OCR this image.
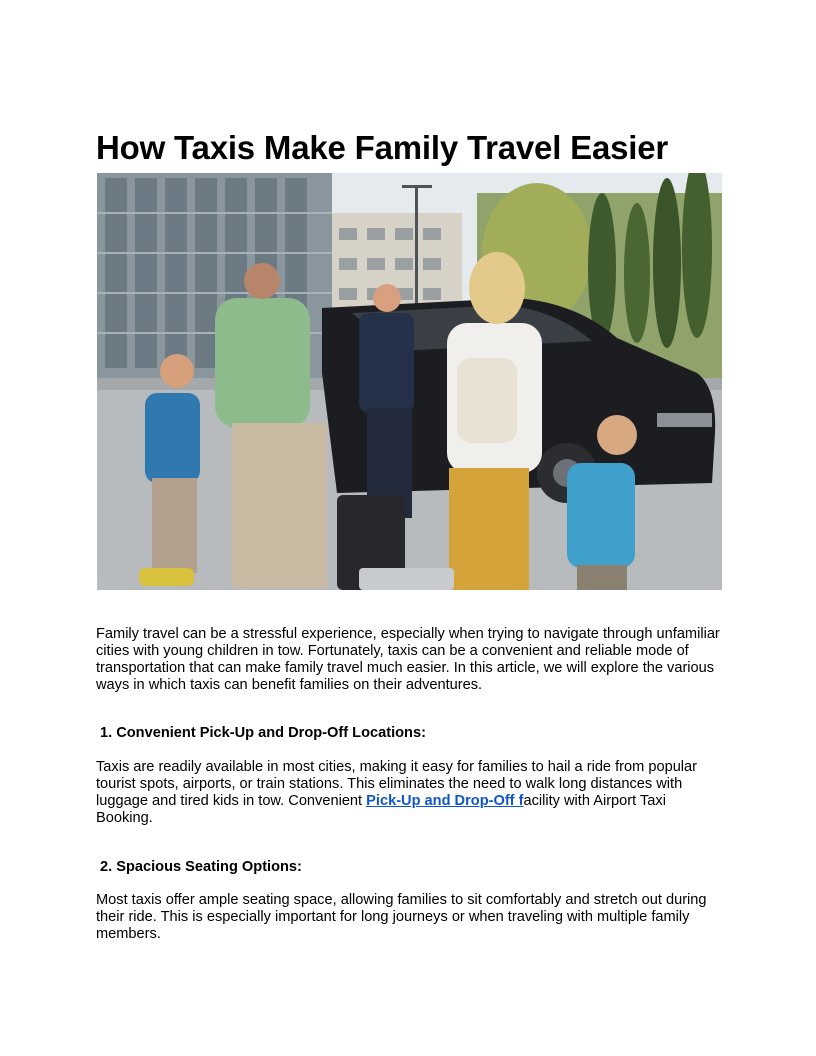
How Taxis Make Family Travel Easier

Family travel can be a stressful experience, especially when trying to navigate through unfamiliar cities with young children in tow. Fortunately, taxis can be a convenient and reliable mode of transportation that can make family travel much easier. In this article, we will explore the various ways in which taxis can benefit families on their adventures.

1. Convenient Pick-Up and Drop-Off Locations:

Taxis are readily available in most cities, making it easy for families to hail a ride from popular tourist spots, airports, or train stations. This eliminates the need to walk long distances with luggage and tired kids in tow. Convenient Pick-Up and Drop-Off facility with Airport Taxi Booking.

2. Spacious Seating Options:

Most taxis offer ample seating space, allowing families to sit comfortably and stretch out during their ride. This is especially important for long journeys or when traveling with multiple family members.
